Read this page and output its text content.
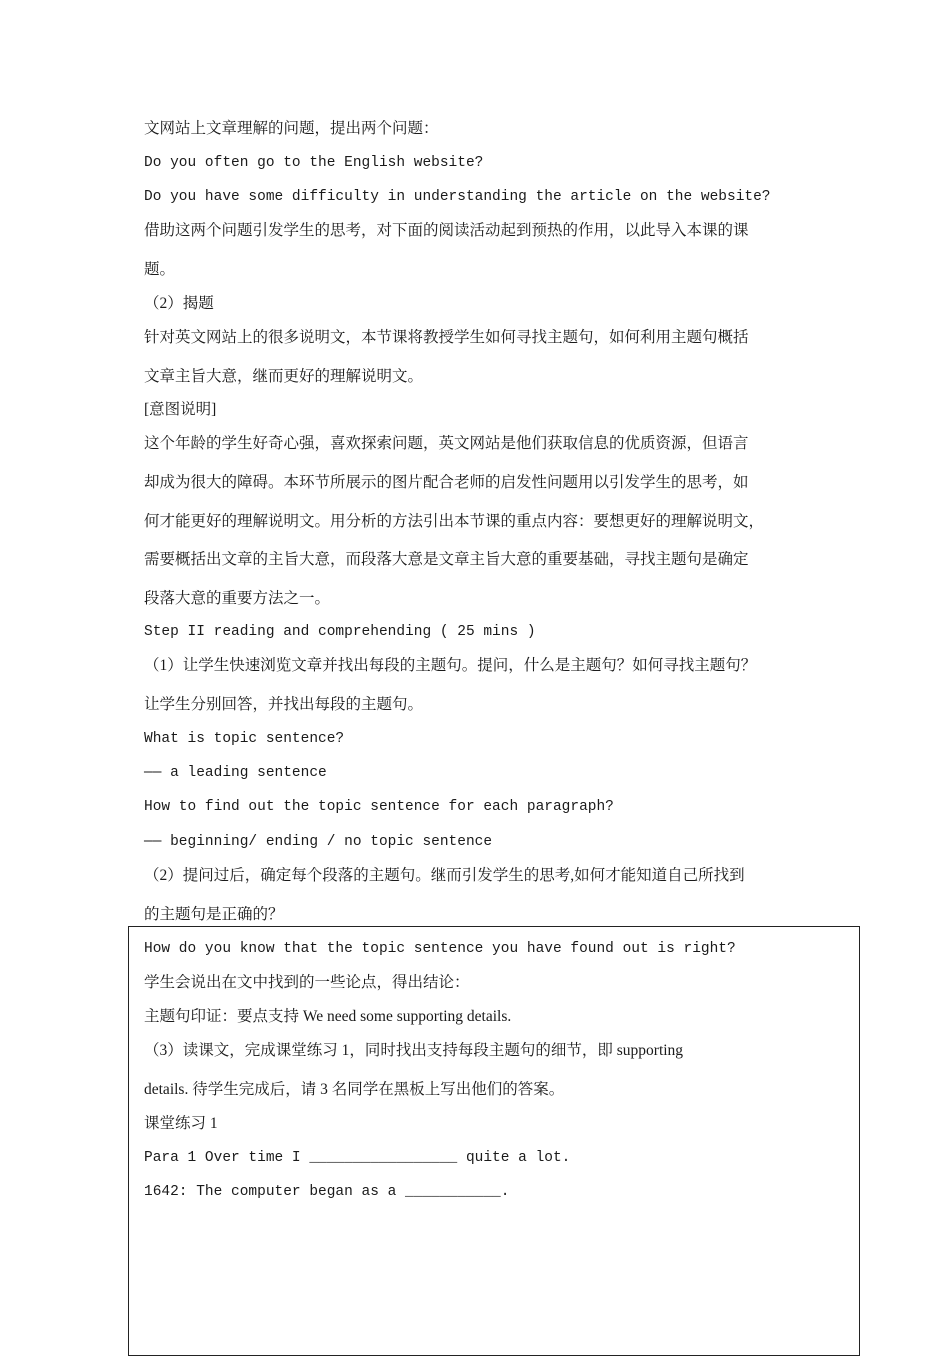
文网站上文章理解的问题，提出两个问题：
Do you often go to the English website?
Do you have some difficulty in understanding the article on the website?
借助这两个问题引发学生的思考，对下面的阅读活动起到预热的作用，以此导入本课的课
题。
（2）揭题
针对英文网站上的很多说明文，本节课将教授学生如何寻找主题句，如何利用主题句概括
文章主旨大意，继而更好的理解说明文。
[意图说明]
这个年龄的学生好奇心强，喜欢探索问题，英文网站是他们获取信息的优质资源，但语言
却成为很大的障碍。本环节所展示的图片配合老师的启发性问题用以引发学生的思考，如
何才能更好的理解说明文。用分析的方法引出本节课的重点内容：要想更好的理解说明文，
需要概括出文章的主旨大意，而段落大意是文章主旨大意的重要基础，寻找主题句是确定
段落大意的重要方法之一。
Step II reading and comprehending ( 25 mins )
（1）让学生快速浏览文章并找出每段的主题句。提问，什么是主题句？如何寻找主题句？
让学生分别回答，并找出每段的主题句。
What is topic sentence?
—— a leading sentence
How to find out the topic sentence for each paragraph?
—— beginning/ ending / no topic sentence
（2）提问过后，确定每个段落的主题句。继而引发学生的思考,如何才能知道自己所找到
的主题句是正确的？
How do you know that the topic sentence you have found out is right?
学生会说出在文中找到的一些论点，得出结论：
主题句印证：要点支持 We need some supporting details.
（3）读课文，完成课堂练习 1，同时找出支持每段主题句的细节，即 supporting
details. 待学生完成后，请 3 名同学在黑板上写出他们的答案。
课堂练习 1
Para 1 Over time I _________________ quite a lot.
1642: The computer began as a ___________.
